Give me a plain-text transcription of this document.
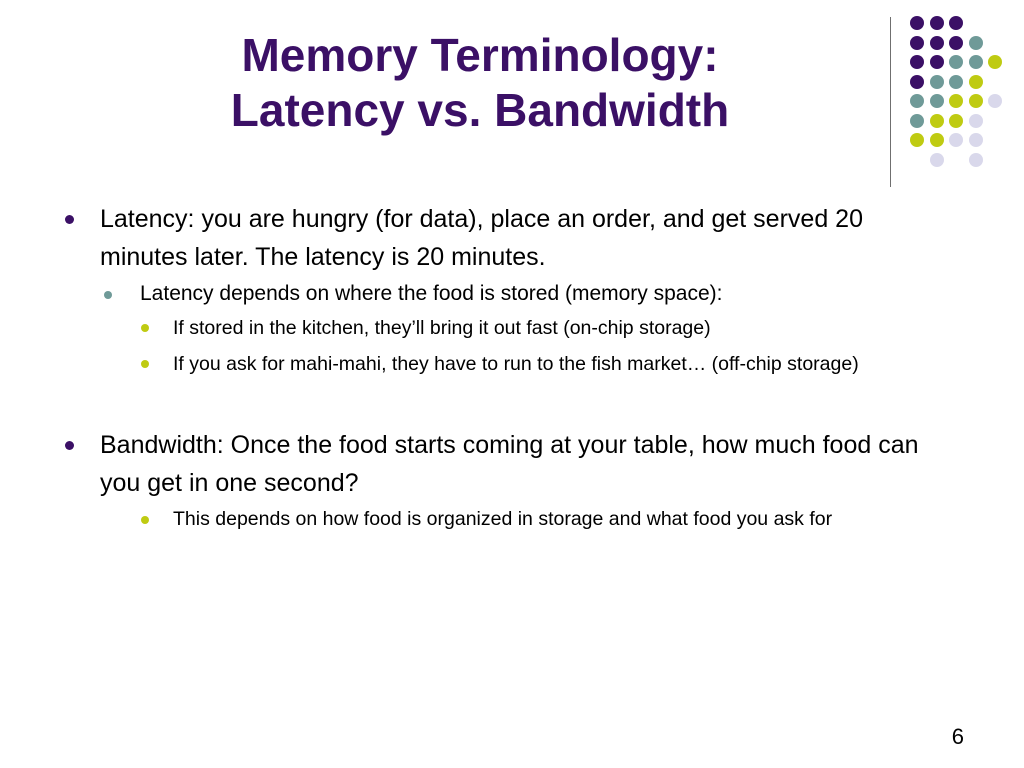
Memory Terminology:
Latency vs. Bandwidth

Latency: you are hungry (for data), place an order, and get served 20 minutes later. The latency is 20 minutes.

Latency depends on where the food is stored (memory space):

If stored in the kitchen, they’ll bring it out fast (on-chip storage)

If you ask for mahi-mahi, they have to run to the fish market… (off-chip storage)

Bandwidth: Once the food starts coming at your table, how much food can you get in one second?

This depends on how food is organized in storage and what food you ask for

6
